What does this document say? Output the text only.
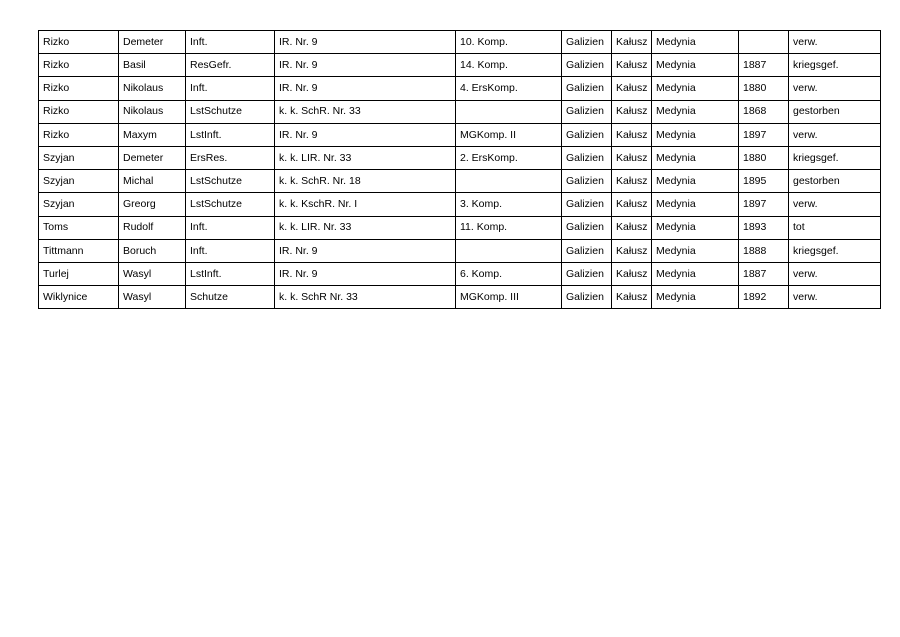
Rizko	Demeter	Inft.	IR. Nr. 9	10. Komp.	Galizien	Kałusz	Medynia		verw.
Rizko	Basil	ResGefr.	IR. Nr. 9	14. Komp.	Galizien	Kałusz	Medynia	1887	kriegsgef.
Rizko	Nikolaus	Inft.	IR. Nr. 9	4. ErsKomp.	Galizien	Kałusz	Medynia	1880	verw.
Rizko	Nikolaus	LstSchutze	k. k. SchR. Nr. 33		Galizien	Kałusz	Medynia	1868	gestorben
Rizko	Maxym	LstInft.	IR. Nr. 9	MGKomp. II	Galizien	Kałusz	Medynia	1897	verw.
Szyjan	Demeter	ErsRes.	k. k. LIR. Nr. 33	2. ErsKomp.	Galizien	Kałusz	Medynia	1880	kriegsgef.
Szyjan	Michal	LstSchutze	k. k. SchR. Nr. 18		Galizien	Kałusz	Medynia	1895	gestorben
Szyjan	Greorg	LstSchutze	k. k. KschR. Nr. I	3. Komp.	Galizien	Kałusz	Medynia	1897	verw.
Toms	Rudolf	Inft.	k. k. LIR. Nr. 33	11. Komp.	Galizien	Kałusz	Medynia	1893	tot
Tittmann	Boruch	Inft.	IR. Nr. 9		Galizien	Kałusz	Medynia	1888	kriegsgef.
Turlej	Wasyl	LstInft.	IR. Nr. 9	6. Komp.	Galizien	Kałusz	Medynia	1887	verw.
Wiklynice	Wasyl	Schutze	k. k. SchR Nr. 33	MGKomp. III	Galizien	Kałusz	Medynia	1892	verw.
